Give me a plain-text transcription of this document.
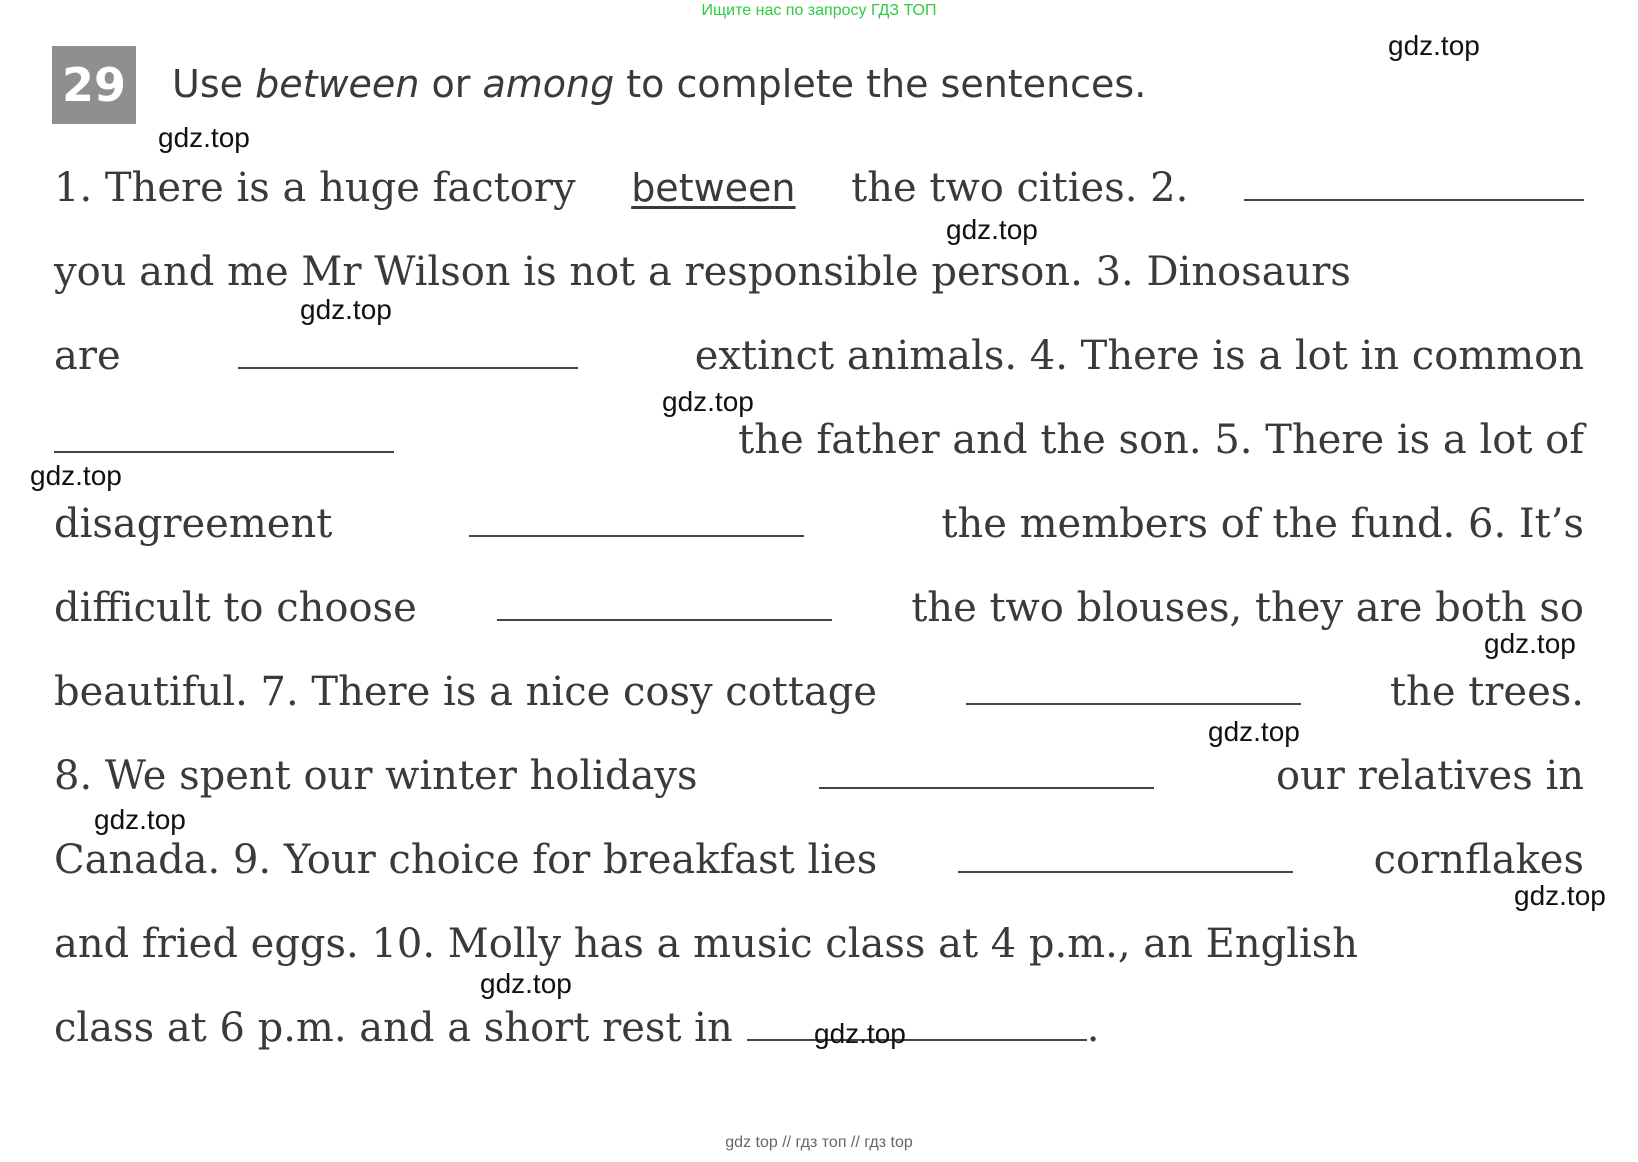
Ищите нас по запросу ГДЗ ТОП
29 Use between or among to complete the sentences.
1. There is a huge factory between the two cities. 2.
you and me Mr Wilson is not a responsible person. 3. Dinosaurs
are	extinct animals. 4. There is a lot in common
the father and the son. 5. There is a lot of
disagreement	the members of the fund. 6. It’s
difficult to choose	the two blouses, they are both so
beautiful. 7. There is a nice cosy cottage	the trees.
8. We spent our winter holidays	our relatives in
Canada. 9. Your choice for breakfast lies	cornflakes
and fried eggs. 10. Molly has a music class at 4 p.m., an English
class at 6 p.m. and a short rest in	.
gdz.top
gdz.top
gdz.top
gdz.top
gdz.top
gdz.top
gdz.top
gdz.top
gdz.top
gdz.top
gdz.top
gdz.top
gdz top // гдз топ // гдз top
